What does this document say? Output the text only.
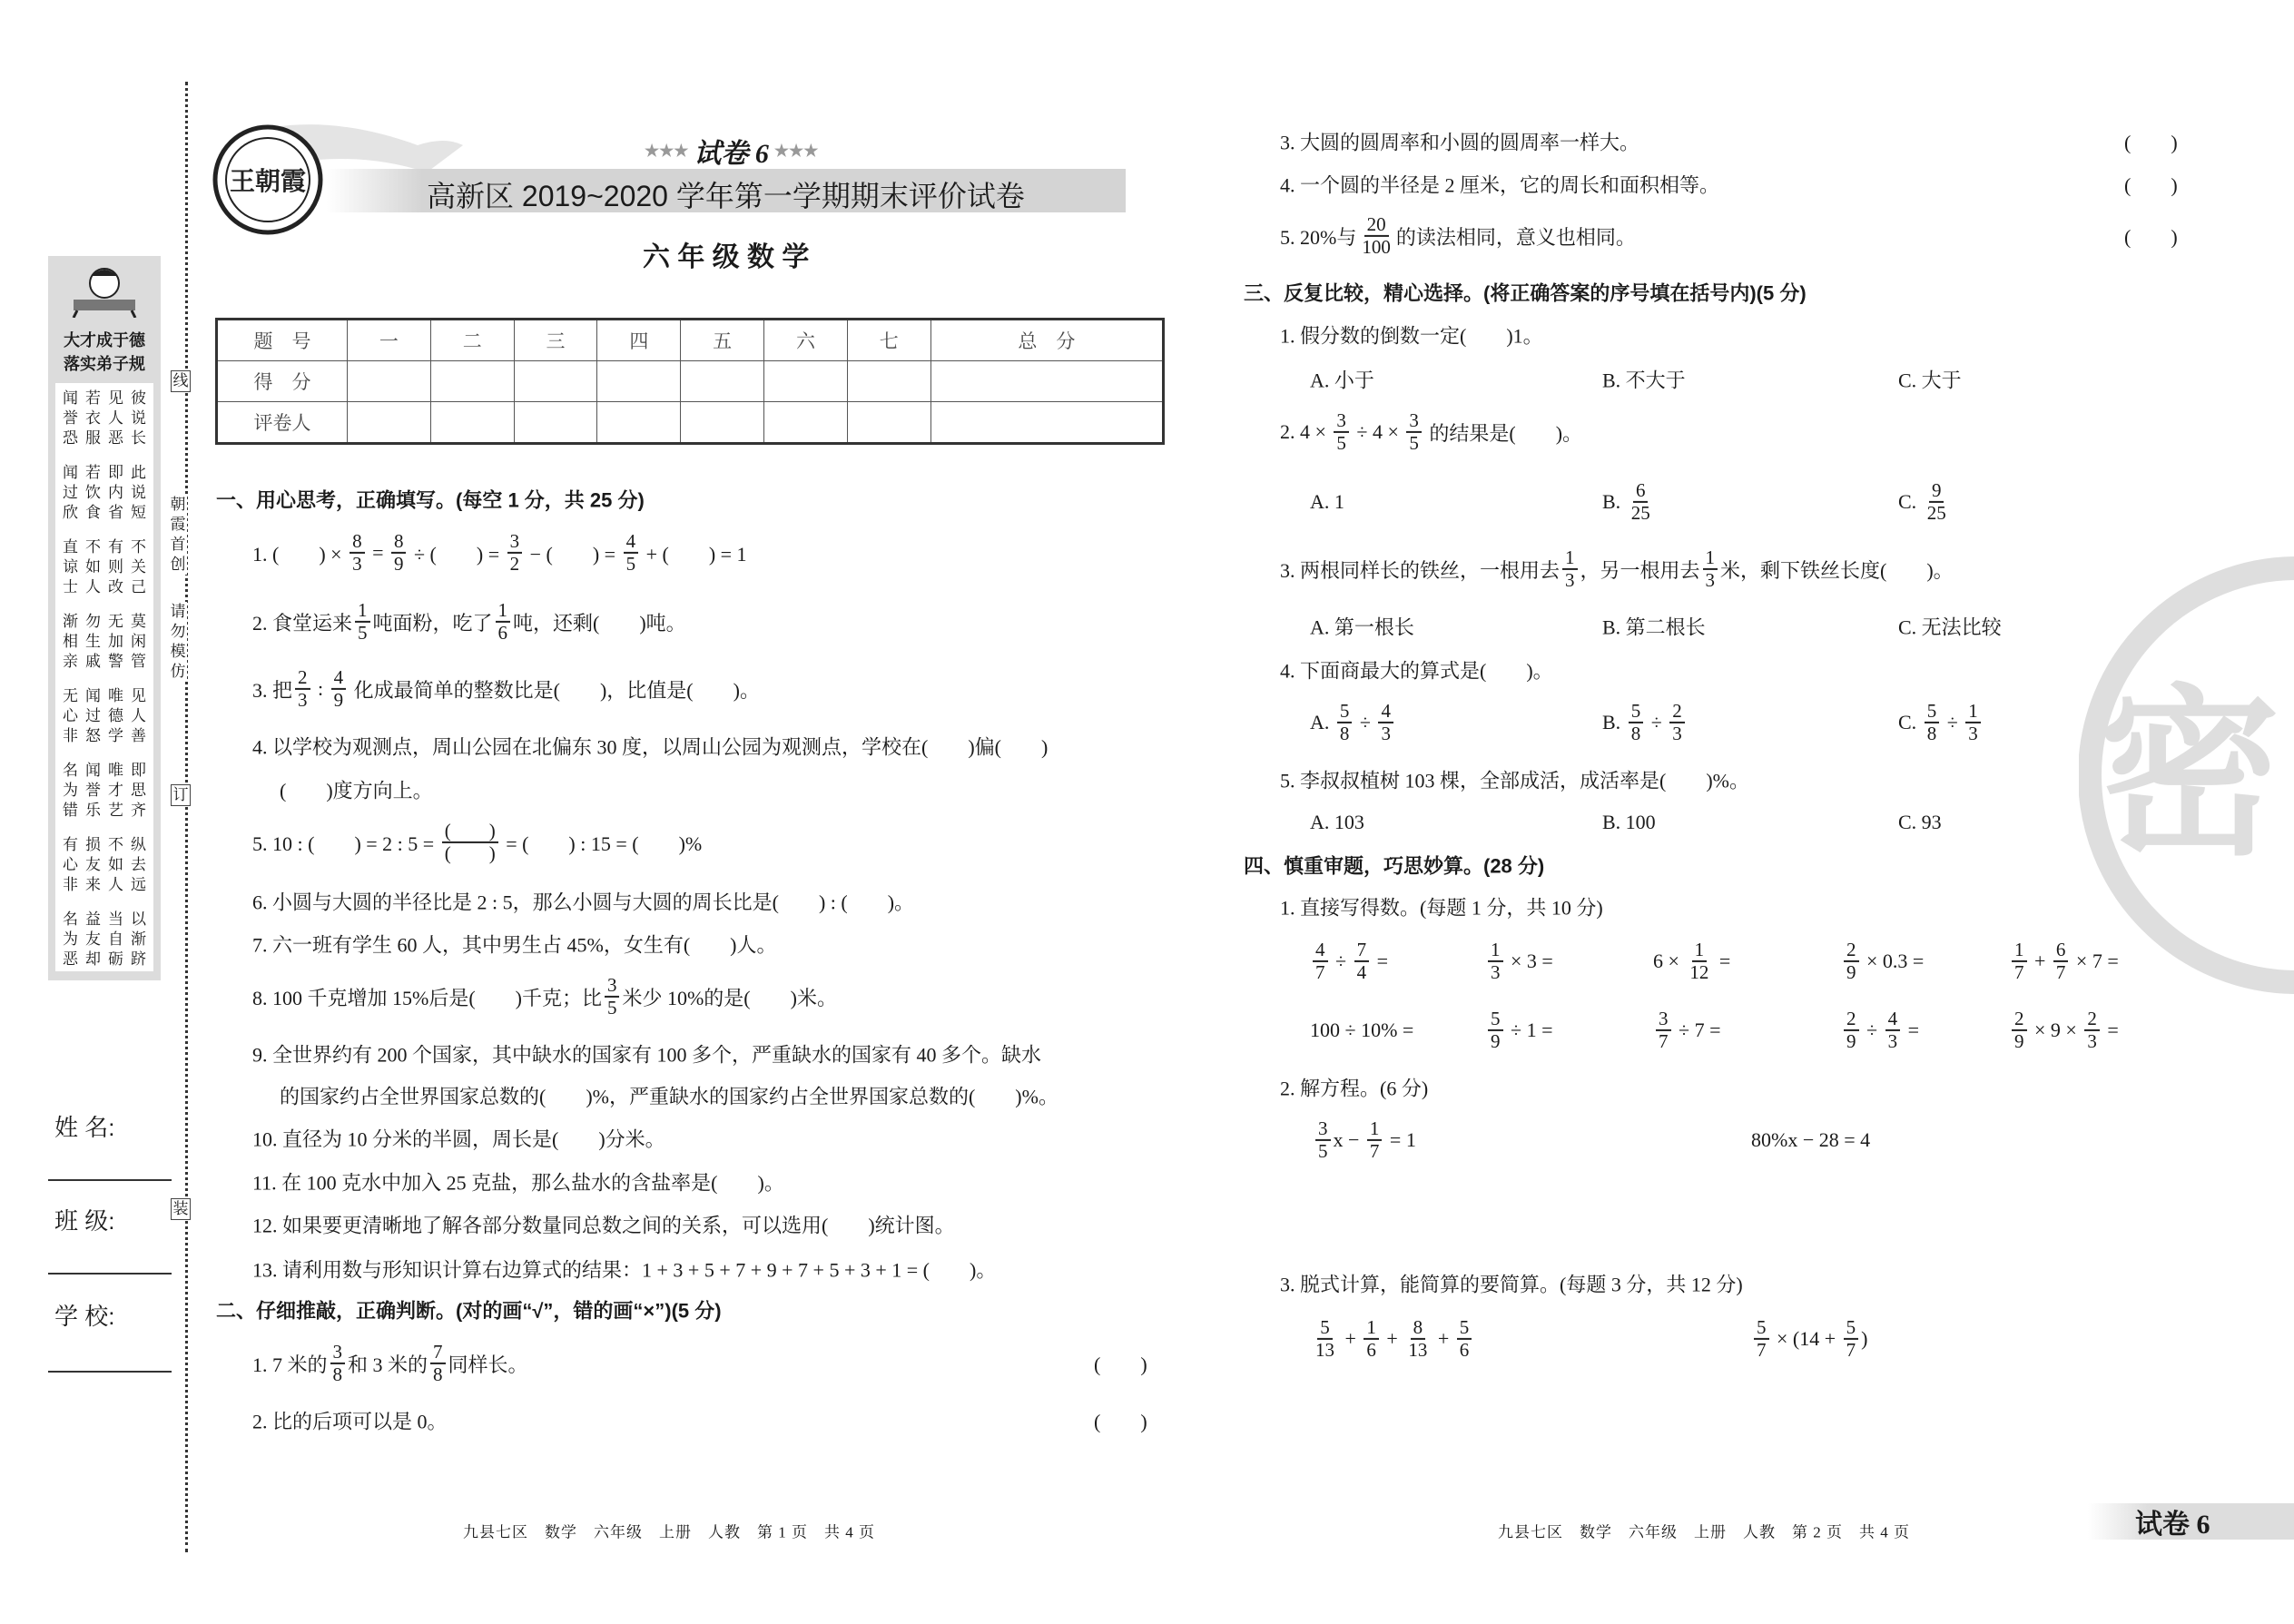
大才成于德
落实弟子规
闻 若 见 彼
誉 衣 人 说
恐 服 恶 长
闻 若 即 此
过 饮 内 说
欣 食 省 短
直 不 有 不
谅 如 则 关
士 人 改 己
渐 勿 无 莫
相 生 加 闲
亲 戚 警 管
无 闻 唯 见
心 过 德 人
非 怒 学 善
名 闻 唯 即
为 誉 才 思
错 乐 艺 齐
有 损 不 纵
心 友 如 去
非 来 人 远
名 益 当 以
为 友 自 渐
恶 却 砺 跻
线
朝霞首创
请勿模仿
订
装
姓 名:
班 级:
学 校:
王朝霞
★★★ 试卷 6 ★★★
高新区 2019~2020 学年第一学期期末评价试卷
六 年 级 数 学
题　号	一	二	三	四	五	六	七	总　分
得　分								
评卷人								
一、用心思考，正确填写。(每空 1 分，共 25 分)
1. (　　) × $\frac{8}{3} = \frac{8}{9}$ ÷ (　　) = $\frac{3}{2}$ − (　　) = $\frac{4}{5}$ + (　　) = 1
2. 食堂运来 $\frac{1}{5}$ 吨面粉，吃了 $\frac{1}{6}$ 吨，还剩(　　)吨。
3. 把 $\frac{2}{3}$ : $\frac{4}{9}$ 化成最简单的整数比是(　　)，比值是(　　)。
4. 以学校为观测点，周山公园在北偏东 30 度，以周山公园为观测点，学校在(　　)偏(　　)
(　　)度方向上。
5. 10 : (　　) = 2 : $5 = \frac{( )}{( )}$ = (　　) : 15 = (　　)%
6. 小圆与大圆的半径比是 2 : 5，那么小圆与大圆的周长比是(　　) : (　　)。
7. 六一班有学生 60 人，其中男生占 45%，女生有(　　)人。
8. 100 千克增加 15%后是(　　)千克；比 $\frac{3}{5}$ 米少 10%的是(　　)米。
9. 全世界约有 200 个国家，其中缺水的国家有 100 多个，严重缺水的国家有 40 多个。缺水
的国家约占全世界国家总数的(　　)%，严重缺水的国家约占全世界国家总数的(　　)%。
10. 直径为 10 分米的半圆，周长是(　　)分米。
11. 在 100 克水中加入 25 克盐，那么盐水的含盐率是(　　)。
12. 如果要更清晰地了解各部分数量同总数之间的关系，可以选用(　　)统计图。
13. 请利用数与形知识计算右边算式的结果：1 + 3 + 5 + 7 + 9 + 7 + 5 + 3 + 1 = (　　)。
二、仔细推敲，正确判断。(对的画“√”，错的画“×”)(5 分)
1. 7 米的 $\frac{3}{8}$ 和 3 米的 $\frac{7}{8}$ 同样长。	(　　)
2. 比的后项可以是 0。	(　　)
九县七区　数学　六年级　上册　人教　第 1 页　共 4 页
密
3. 大圆的圆周率和小圆的圆周率一样大。	(　　)
4. 一个圆的半径是 2 厘米，它的周长和面积相等。	(　　)
5. 20%与 $\frac{20}{100}$ 的读法相同，意义也相同。	(　　)
三、反复比较，精心选择。(将正确答案的序号填在括号内)(5 分)
1. 假分数的倒数一定(　　)1。
A. 小于	B. 不大于	C. 大于
2. $4 \times \frac{3}{5} \div 4 \times \frac{3}{5}$ 的结果是(　　)。
A. 1	B. $\frac{6}{25}$	C. $\frac{9}{25}$
3. 两根同样长的铁丝，一根用去 $\frac{1}{3}$ ，另一根用去 $\frac{1}{3}$ 米，剩下铁丝长度(　　)。
A. 第一根长	B. 第二根长	C. 无法比较
4. 下面商最大的算式是(　　)。
A. $\frac{5}{8} \div \frac{4}{3}$	B. $\frac{5}{8} \div \frac{2}{3}$	C. $\frac{5}{8} \div \frac{1}{3}$
5. 李叔叔植树 103 棵，全部成活，成活率是(　　)%。
A. 103	B. 100	C. 93
四、慎重审题，巧思妙算。(28 分)
1. 直接写得数。(每题 1 分，共 10 分)
$\frac{4}{7} \div \frac{7}{4}$ =	$\frac{1}{3} \times 3$ =	$6 \times \frac{1}{12}$ =	$\frac{2}{9} \times 0.3$ =	$\frac{1}{7} + \frac{6}{7} \times 7$ =
100 ÷ 10% =	$\frac{5}{9} \div 1$ =	$\frac{3}{7} \div 7$ =	$\frac{2}{9} \div \frac{4}{3}$ =	$\frac{2}{9} \times 9 \times \frac{2}{3}$ =
2. 解方程。(6 分)
$\frac{3}{5}$ $x - \frac{1}{7} = 1$	80%x − 28 = 4
3. 脱式计算，能简算的要简算。(每题 3 分，共 12 分)
$\frac{5}{13} + \frac{1}{6} + \frac{8}{13} + \frac{5}{6}$	$\frac{5}{7} \times (14 + \frac{5}{7}$ )
九县七区　数学　六年级　上册　人教　第 2 页　共 4 页	试卷 6
